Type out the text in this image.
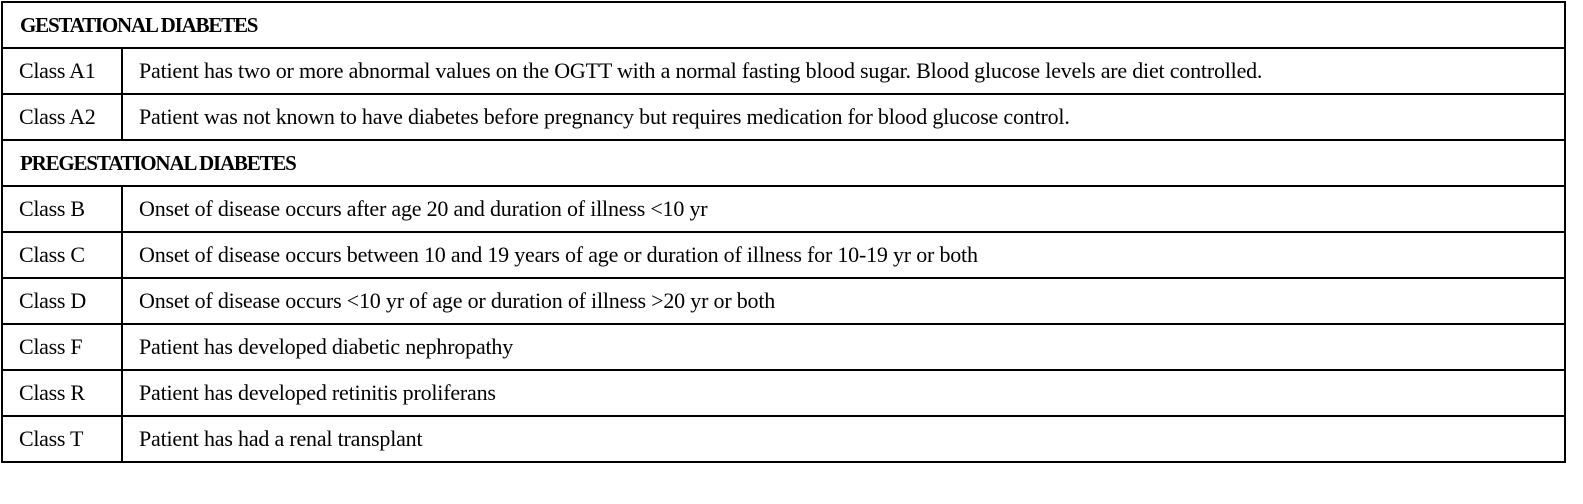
GESTATIONAL DIABETES	
Class A1	Patient has two or more abnormal values on the OGTT with a normal fasting blood sugar. Blood glucose levels are diet controlled.
Class A2	Patient was not known to have diabetes before pregnancy but requires medication for blood glucose control.
PREGESTATIONAL DIABETES	
Class B	Onset of disease occurs after age 20 and duration of illness <10 yr
Class C	Onset of disease occurs between 10 and 19 years of age or duration of illness for 10-19 yr or both
Class D	Onset of disease occurs <10 yr of age or duration of illness >20 yr or both
Class F	Patient has developed diabetic nephropathy
Class R	Patient has developed retinitis proliferans
Class T	Patient has had a renal transplant
